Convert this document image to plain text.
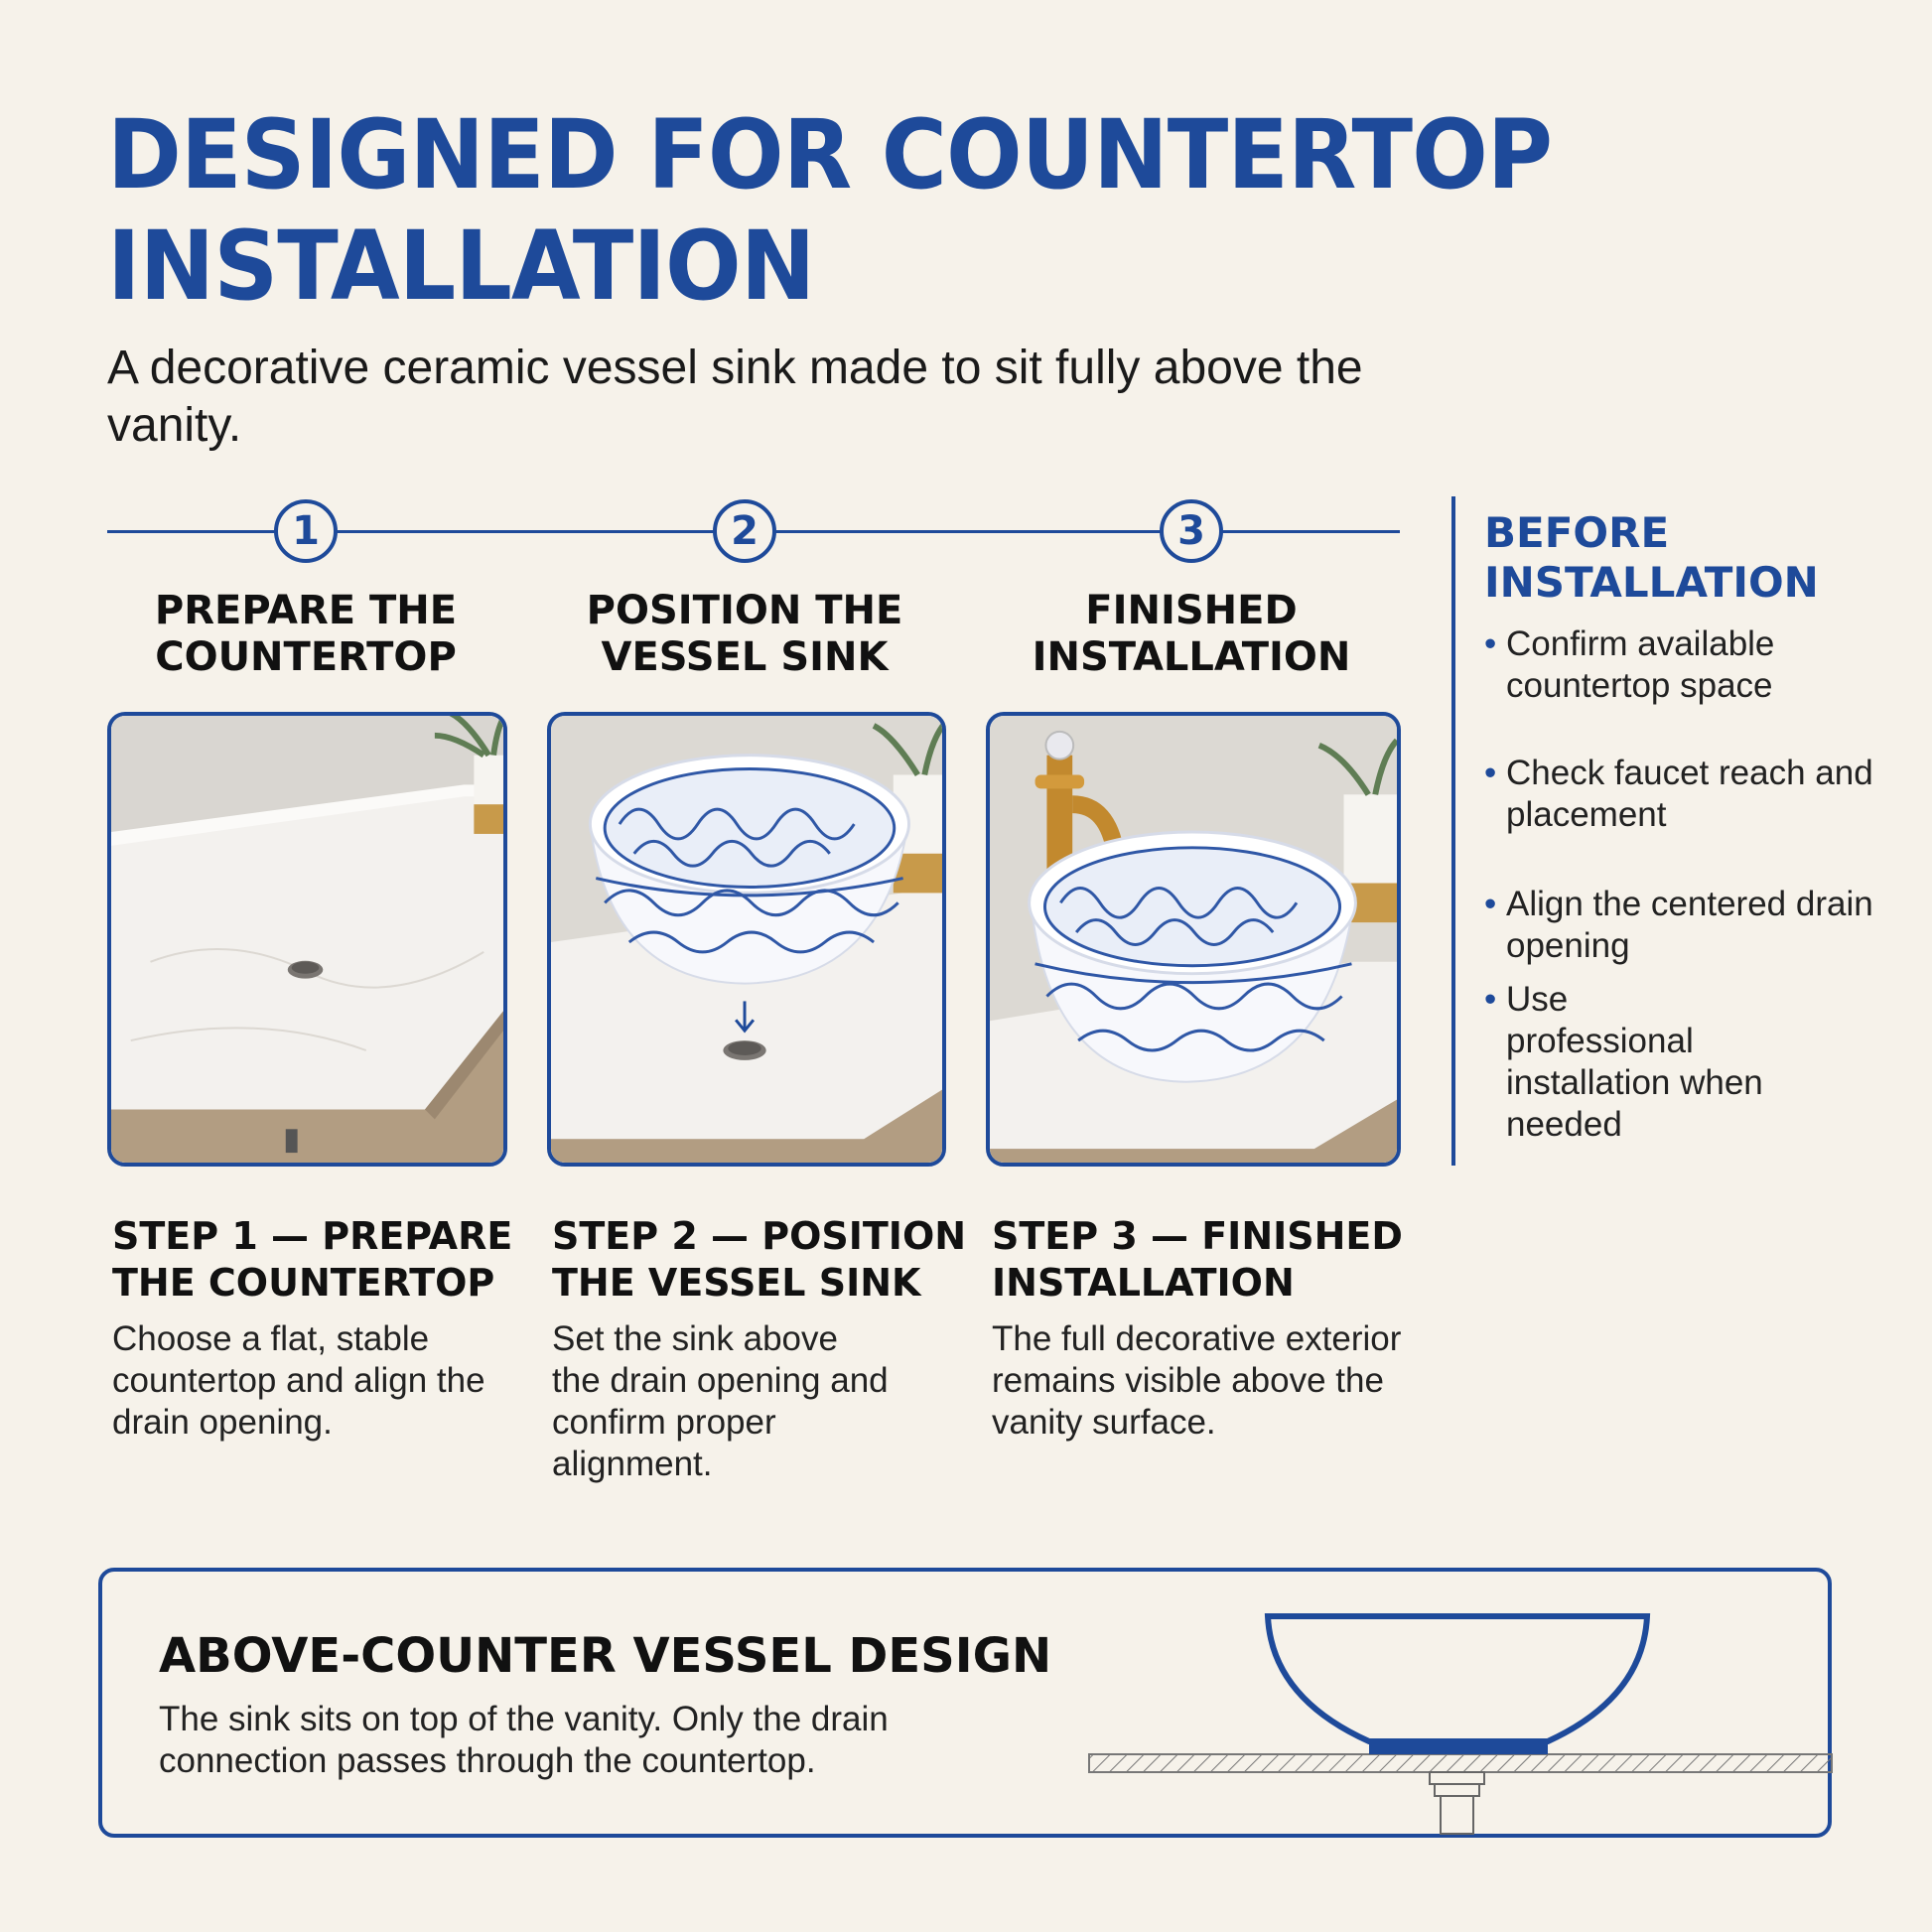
DESIGNED FOR COUNTERTOP
INSTALLATION
A decorative ceramic vessel sink made to sit fully above the vanity.
1	2	3
PREPARE THE
COUNTERTOP
POSITION THE
VESSEL SINK
FINISHED
INSTALLATION
STEP 1 — PREPARE
THE COUNTERTOP
Choose a flat, stable countertop and align the drain opening.
STEP 2 — POSITION
THE VESSEL SINK
Set the sink above the drain opening and confirm proper alignment.
STEP 3 — FINISHED
INSTALLATION
The full decorative exterior remains visible above the vanity surface.
BEFORE
INSTALLATION
• Confirm available countertop space
• Check faucet reach and placement
• Align the centered drain opening
• Use professional installation when needed
ABOVE-COUNTER VESSEL DESIGN
The sink sits on top of the vanity. Only the drain connection passes through the countertop.
